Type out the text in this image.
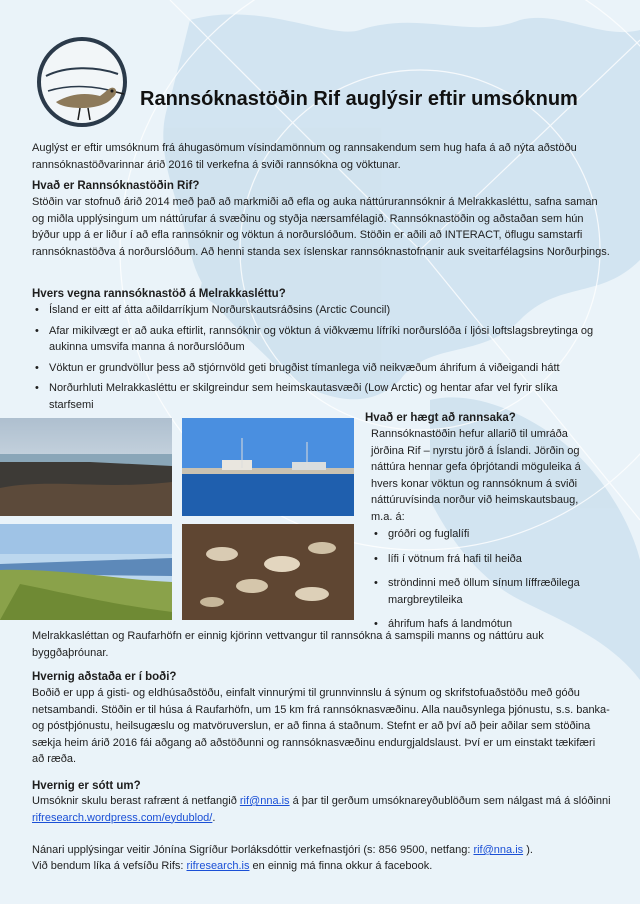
Rannsóknastöðin Rif auglýsir eftir umsóknum
Auglýst er eftir umsóknum frá áhugasömum vísindamönnum og rannsakendum sem hug hafa á að nýta aðstöðu rannsóknastöðvarinnar árið 2016 til verkefna á sviði rannsókna og vöktunar.
Hvað er Rannsóknastöðin Rif?
Stöðin var stofnuð árið 2014 með það að markmiði að efla og auka náttúrurannsóknir á Melrakkasléttu, safna saman og miðla upplýsingum um náttúrufar á svæðinu og styðja nærsamfélagið. Rannsóknastöðin og aðstaðan sem hún býður upp á er liður í að efla rannsóknir og vöktun á norðurslóðum. Stöðin er aðili að INTERACT, öflugu samstarfi rannsóknastöðva á norðurslóðum. Að henni standa sex íslenskar rannsóknastofnanir auk sveitarfélagsins Norðurþings.
Hvers vegna rannsóknastöð á Melrakkasléttu?
• Ísland er eitt af átta aðildarríkjum Norðurskautsráðsins (Arctic Council)
• Afar mikilvægt er að auka eftirlit, rannsóknir og vöktun á viðkvæmu lífríki norðurslóða í ljósi loftslagsbreytinga og aukinna umsvifa manna á norðurslóðum
• Vöktun er grundvöllur þess að stjórnvöld geti brugðist tímanlega við neikvæðum áhrifum á viðeigandi hátt
• Norðurhluti Melrakkasléttu er skilgreindur sem heimskautasvæði (Low Arctic) og hentar afar vel fyrir slíka starfsemi
Hvað er hægt að rannsaka?
Rannsóknastöðin hefur allarið til umráða jörðina Rif – nyrstu jörð á Íslandi. Jörðin og náttúra hennar gefa óþrjótandi möguleika á hvers konar vöktun og rannsóknum á sviði náttúruvísinda norður við heimskautsbaug, m.a. á:
• gróðri og fuglalífi
• lífi í vötnum frá hafi til heiða
• ströndinni með öllum sínum líffræðilega margbreytileika
• áhrifum hafs á landmótun
Melrakkasléttan og Raufarhöfn er einnig kjörinn vettvangur til rannsókna á samspili manns og náttúru auk byggðaþróunar.
Hvernig aðstaða er í boði?
Boðið er upp á gisti- og eldhúsaðstöðu, einfalt vinnurými til grunnvinnslu á sýnum og skrifstofuaðstöðu með góðu netsambandi. Stöðin er til húsa á Raufarhöfn, um 15 km frá rannsóknasvæðinu. Alla nauðsynlega þjónustu, s.s. banka- og póstþjónustu, heilsugæslu og matvöruverslun, er að finna á staðnum. Stefnt er að því að þeir aðilar sem stöðina sækja heim árið 2016 fái aðgang að aðstöðunni og rannsóknasvæðinu endurgjaldslaust. Því er um einstakt tækifæri að ræða.
Hvernig er sótt um?
Umsóknir skulu berast rafrænt á netfangið rif@nna.is á þar til gerðum umsóknareyðublöðum sem nálgast má á slóðinni rifresearch.wordpress.com/eydublod/.
Nánari upplýsingar veitir Jónína Sigríður Þorláksdóttir verkefnastjóri (s: 856 9500, netfang: rif@nna.is ).
Við bendum líka á vefsíðu Rifs: rifresearch.is en einnig má finna okkur á facebook.
